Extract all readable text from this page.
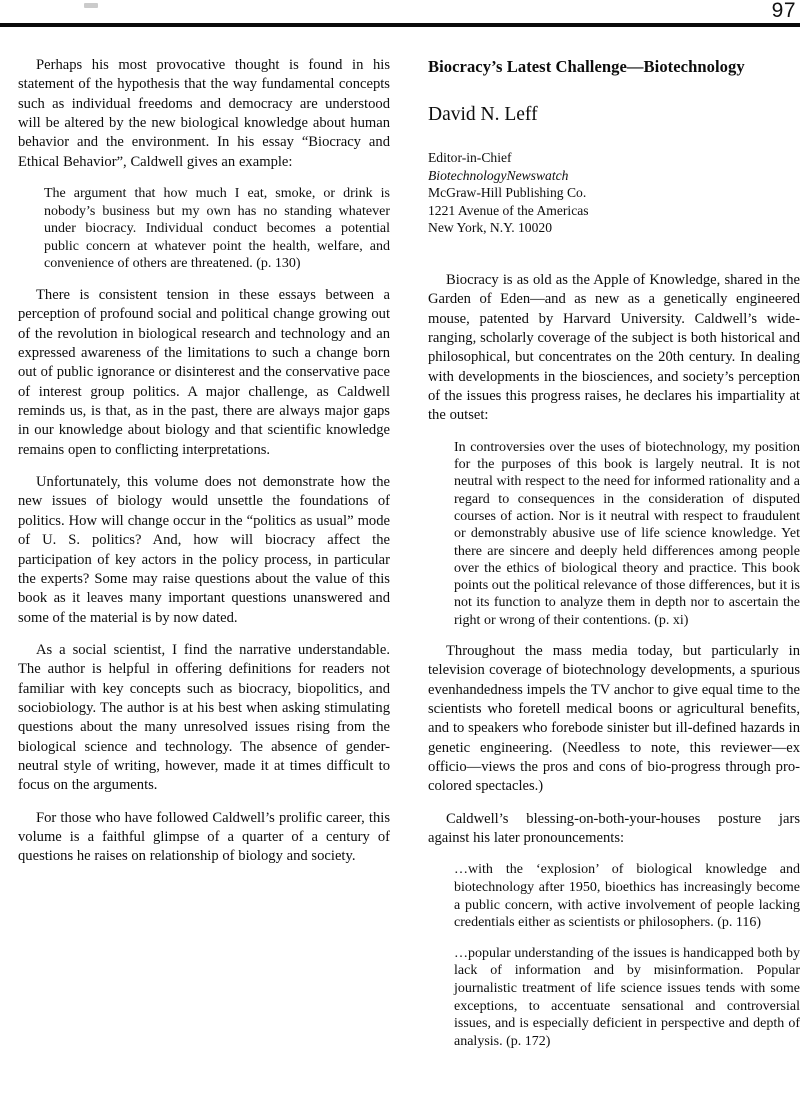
97

Perhaps his most provocative thought is found in his statement of the hypothesis that the way fundamental concepts such as individual freedoms and democracy are understood will be altered by the new biological knowledge about human behavior and the environment. In his essay “Biocracy and Ethical Behavior”, Caldwell gives an example:

The argument that how much I eat, smoke, or drink is nobody’s business but my own has no standing whatever under biocracy. Individual conduct becomes a potential public concern at whatever point the health, welfare, and convenience of others are threatened. (p. 130)

There is consistent tension in these essays between a perception of profound social and political change growing out of the revolution in biological research and technology and an expressed awareness of the limitations to such a change born out of public ignorance or disinterest and the conservative pace of interest group politics. A major challenge, as Caldwell reminds us, is that, as in the past, there are always major gaps in our knowledge about biology and that scientific knowledge remains open to conflicting interpretations.

Unfortunately, this volume does not demonstrate how the new issues of biology would unsettle the foundations of politics. How will change occur in the “politics as usual” mode of U. S. politics? And, how will biocracy affect the participation of key actors in the policy process, in particular the experts? Some may raise questions about the value of this book as it leaves many important questions unanswered and some of the material is by now dated.

As a social scientist, I find the narrative understandable. The author is helpful in offering definitions for readers not familiar with key concepts such as biocracy, biopolitics, and sociobiology. The author is at his best when asking stimulating questions about the many unresolved issues rising from the biological science and technology. The absence of gender-neutral style of writing, however, made it at times difficult to focus on the arguments.

For those who have followed Caldwell’s prolific career, this volume is a faithful glimpse of a quarter of a century of questions he raises on relationship of biology and society.

Biocracy’s Latest Challenge—Biotechnology
David N. Leff
Editor-in-Chief
BiotechnologyNewswatch
McGraw-Hill Publishing Co.
1221 Avenue of the Americas
New York, N.Y. 10020

Biocracy is as old as the Apple of Knowledge, shared in the Garden of Eden—and as new as a genetically engineered mouse, patented by Harvard University. Caldwell’s wide-ranging, scholarly coverage of the subject is both historical and philosophical, but concentrates on the 20th century. In dealing with developments in the biosciences, and society’s perception of the issues this progress raises, he declares his impartiality at the outset:

In controversies over the uses of biotechnology, my position for the purposes of this book is largely neutral. It is not neutral with respect to the need for informed rationality and a regard to consequences in the consideration of disputed courses of action. Nor is it neutral with respect to fraudulent or demonstrably abusive use of life science knowledge. Yet there are sincere and deeply held differences among people over the ethics of biological theory and practice. This book points out the political relevance of those differences, but it is not its function to analyze them in depth nor to ascertain the right or wrong of their contentions. (p. xi)

Throughout the mass media today, but particularly in television coverage of biotechnology developments, a spurious evenhandedness impels the TV anchor to give equal time to the scientists who foretell medical boons or agricultural benefits, and to speakers who forebode sinister but ill-defined hazards in genetic engineering. (Needless to note, this reviewer—ex officio—views the pros and cons of bio-progress through pro-colored spectacles.)

Caldwell’s blessing-on-both-your-houses posture jars against his later pronouncements:

…with the ‘explosion’ of biological knowledge and biotechnology after 1950, bioethics has increasingly become a public concern, with active involvement of people lacking credentials either as scientists or philosophers. (p. 116)
…popular understanding of the issues is handicapped both by lack of information and by misinformation. Popular journalistic treatment of life science issues tends with some exceptions, to accentuate sensational and controversial issues, and is especially deficient in perspective and depth of analysis. (p. 172)
